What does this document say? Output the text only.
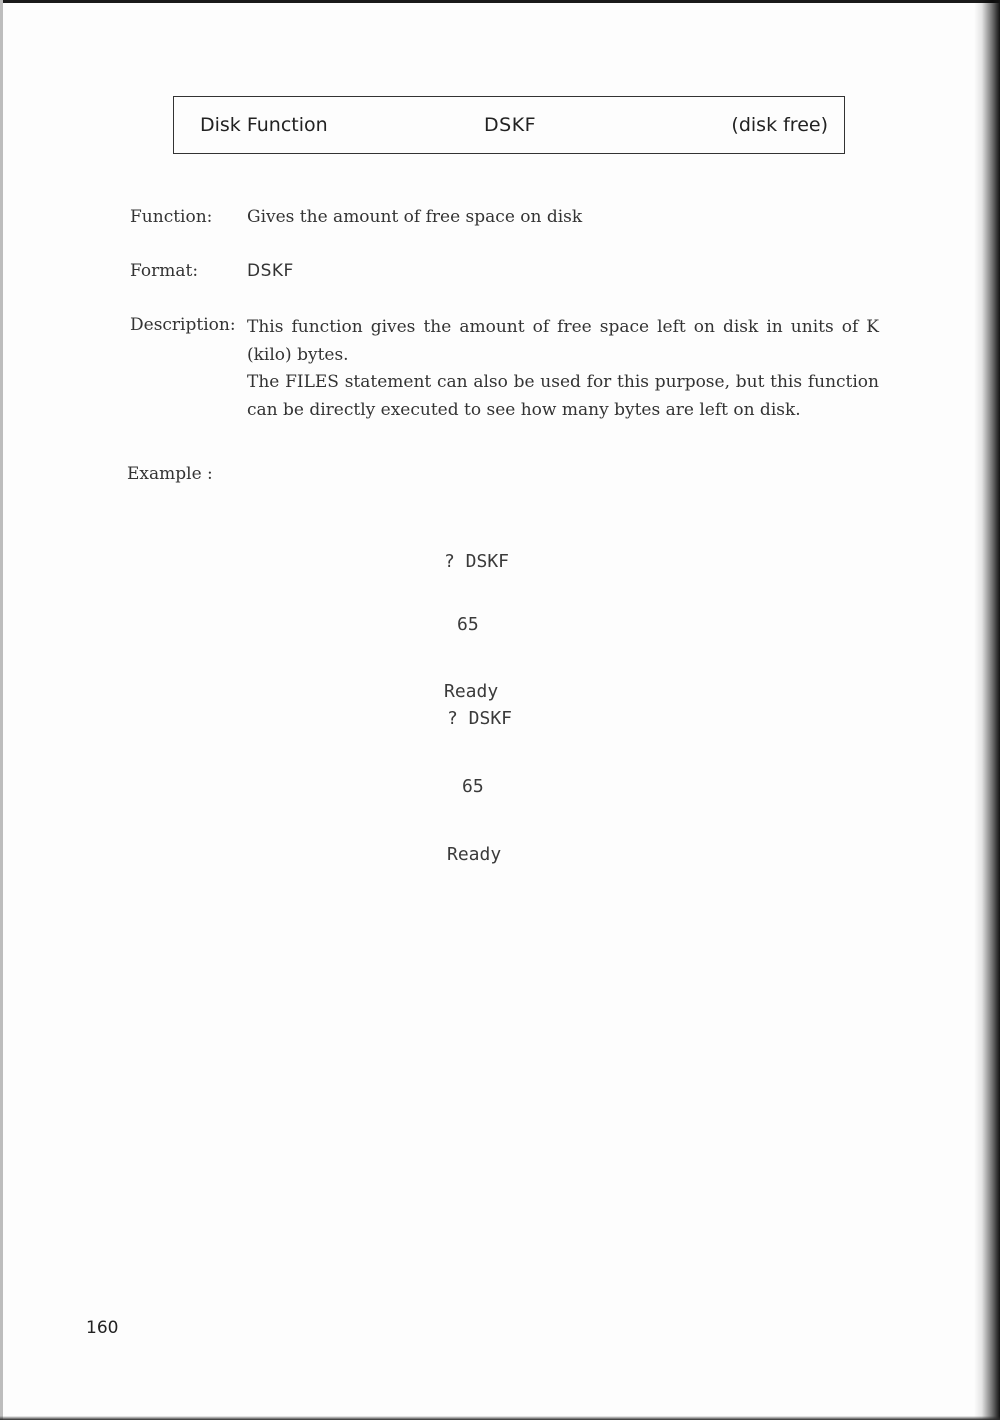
Disk Function	DSKF	(disk free)
Function: Gives the amount of free space on disk
Format:	DSKF
Description: This function gives the amount of free space left on disk in units of K (kilo) bytes.

The FILES statement can also be used for this purpose, but this function can be directly executed to see how many bytes are left on disk.

Example :

? DSKF

65

Ready

? DSKF

65

Ready

160
